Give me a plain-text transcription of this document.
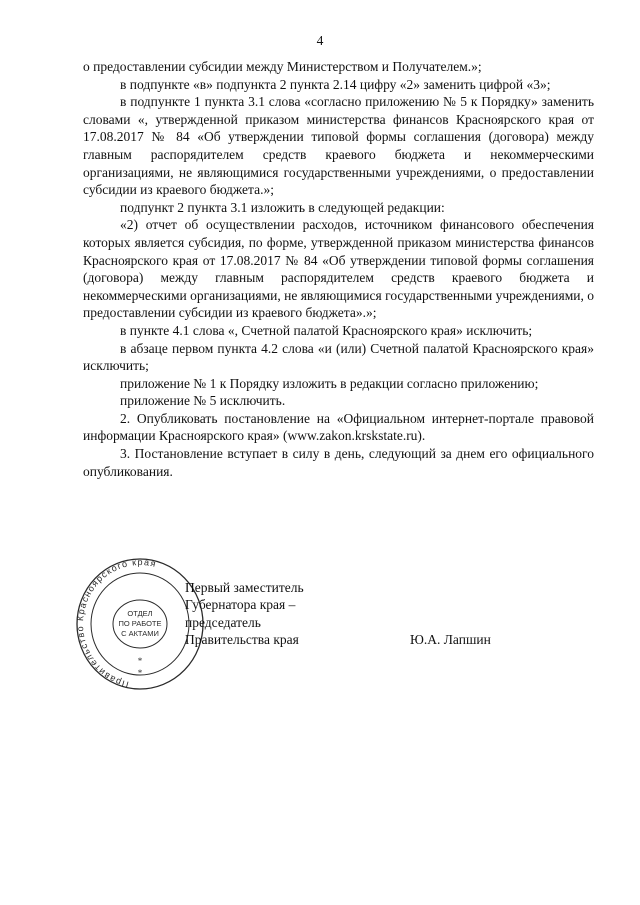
4

о предоставлении субсидии между Министерством и Получателем.»;

в подпункте «в» подпункта 2 пункта 2.14 цифру «2» заменить цифрой «3»;

в подпункте 1 пункта 3.1 слова «согласно приложению № 5 к Порядку» заменить словами «, утвержденной приказом министерства финансов Красноярского края от 17.08.2017 № 84 «Об утверждении типовой формы соглашения (договора) между главным распорядителем средств краевого бюджета и некоммерческими организациями, не являющимися государственными учреждениями, о предоставлении субсидии из краевого бюджета.»;

подпункт 2 пункта 3.1 изложить в следующей редакции:

«2) отчет об осуществлении расходов, источником финансового обеспечения которых является субсидия, по форме, утвержденной приказом министерства финансов Красноярского края от 17.08.2017 № 84 «Об утверждении типовой формы соглашения (договора) между главным распорядителем средств краевого бюджета и некоммерческими организациями, не являющимися государственными учреждениями, о предоставлении субсидии из краевого бюджета».»;

в пункте 4.1 слова «, Счетной палатой Красноярского края» исключить;

в абзаце первом пункта 4.2 слова «и (или) Счетной палатой Красноярского края» исключить;

приложение № 1 к Порядку изложить в редакции согласно приложению;

приложение № 5 исключить.

2. Опубликовать постановление на «Официальном интернет-портале правовой информации Красноярского края» (www.zakon.krskstate.ru).

3. Постановление вступает в силу в день, следующий за днем его официального опубликования.

Правительство Красноярского края
ОТДЕЛ
ПО РАБОТЕ
С АКТАМИ
*
*
Первый заместитель
Губернатора края –
председатель
Правительства края	Ю.А. Лапшин
